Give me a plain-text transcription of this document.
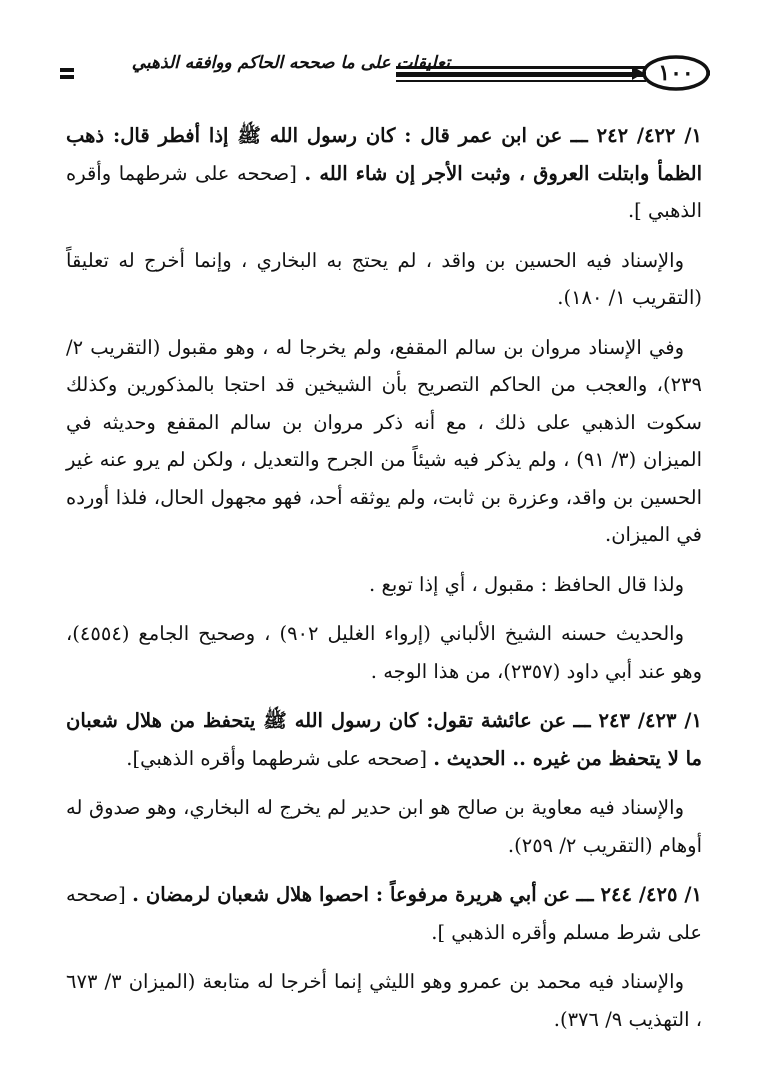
١٠٠
تعليقات على ما صححه الحاكم ووافقه الذهبي

١/ ٤٢٢/ ٢٤٢ ـــ عن ابن عمر قال : كان رسول الله ﷺ إذا أفطر قال: ذهب الظمأ وابتلت العروق ، وثبت الأجر إن شاء الله . [صححه على شرطهما وأقره الذهبي ].

والإسناد فيه الحسين بن واقد ، لم يحتج به البخاري ، وإنما أخرج له تعليقاً (التقريب ١/ ١٨٠).

وفي الإسناد مروان بن سالم المقفع، ولم يخرجا له ، وهو مقبول (التقريب ٢/ ٢٣٩)، والعجب من الحاكم التصريح بأن الشيخين قد احتجا بالمذكورين وكذلك سكوت الذهبي على ذلك ، مع أنه ذكر مروان بن سالم المقفع وحديثه في الميزان (٣/ ٩١) ، ولم يذكر فيه شيئاً من الجرح والتعديل ، ولكن لم يرو عنه غير الحسين بن واقد، وعزرة بن ثابت، ولم يوثقه أحد، فهو مجهول الحال، فلذا أورده في الميزان.

ولذا قال الحافظ : مقبول ، أي إذا توبع .

والحديث حسنه الشيخ الألباني (إرواء الغليل ٩٠٢) ، وصحيح الجامع (٤٥٥٤)، وهو عند أبي داود (٢٣٥٧)، من هذا الوجه .

١/ ٤٢٣/ ٢٤٣ ـــ عن عائشة تقول: كان رسول الله ﷺ يتحفظ من هلال شعبان ما لا يتحفظ من غيره .. الحديث . [صححه على شرطهما وأقره الذهبي].

والإسناد فيه معاوية بن صالح هو ابن حدير لم يخرج له البخاري، وهو صدوق له أوهام (التقريب ٢/ ٢٥٩).

١/ ٤٢٥/ ٢٤٤ ـــ عن أبي هريرة مرفوعاً : احصوا هلال شعبان لرمضان . [صححه على شرط مسلم وأقره الذهبي ].

والإسناد فيه محمد بن عمرو وهو الليثي إنما أخرجا له متابعة (الميزان ٣/ ٦٧٣ ، التهذيب ٩/ ٣٧٦).
